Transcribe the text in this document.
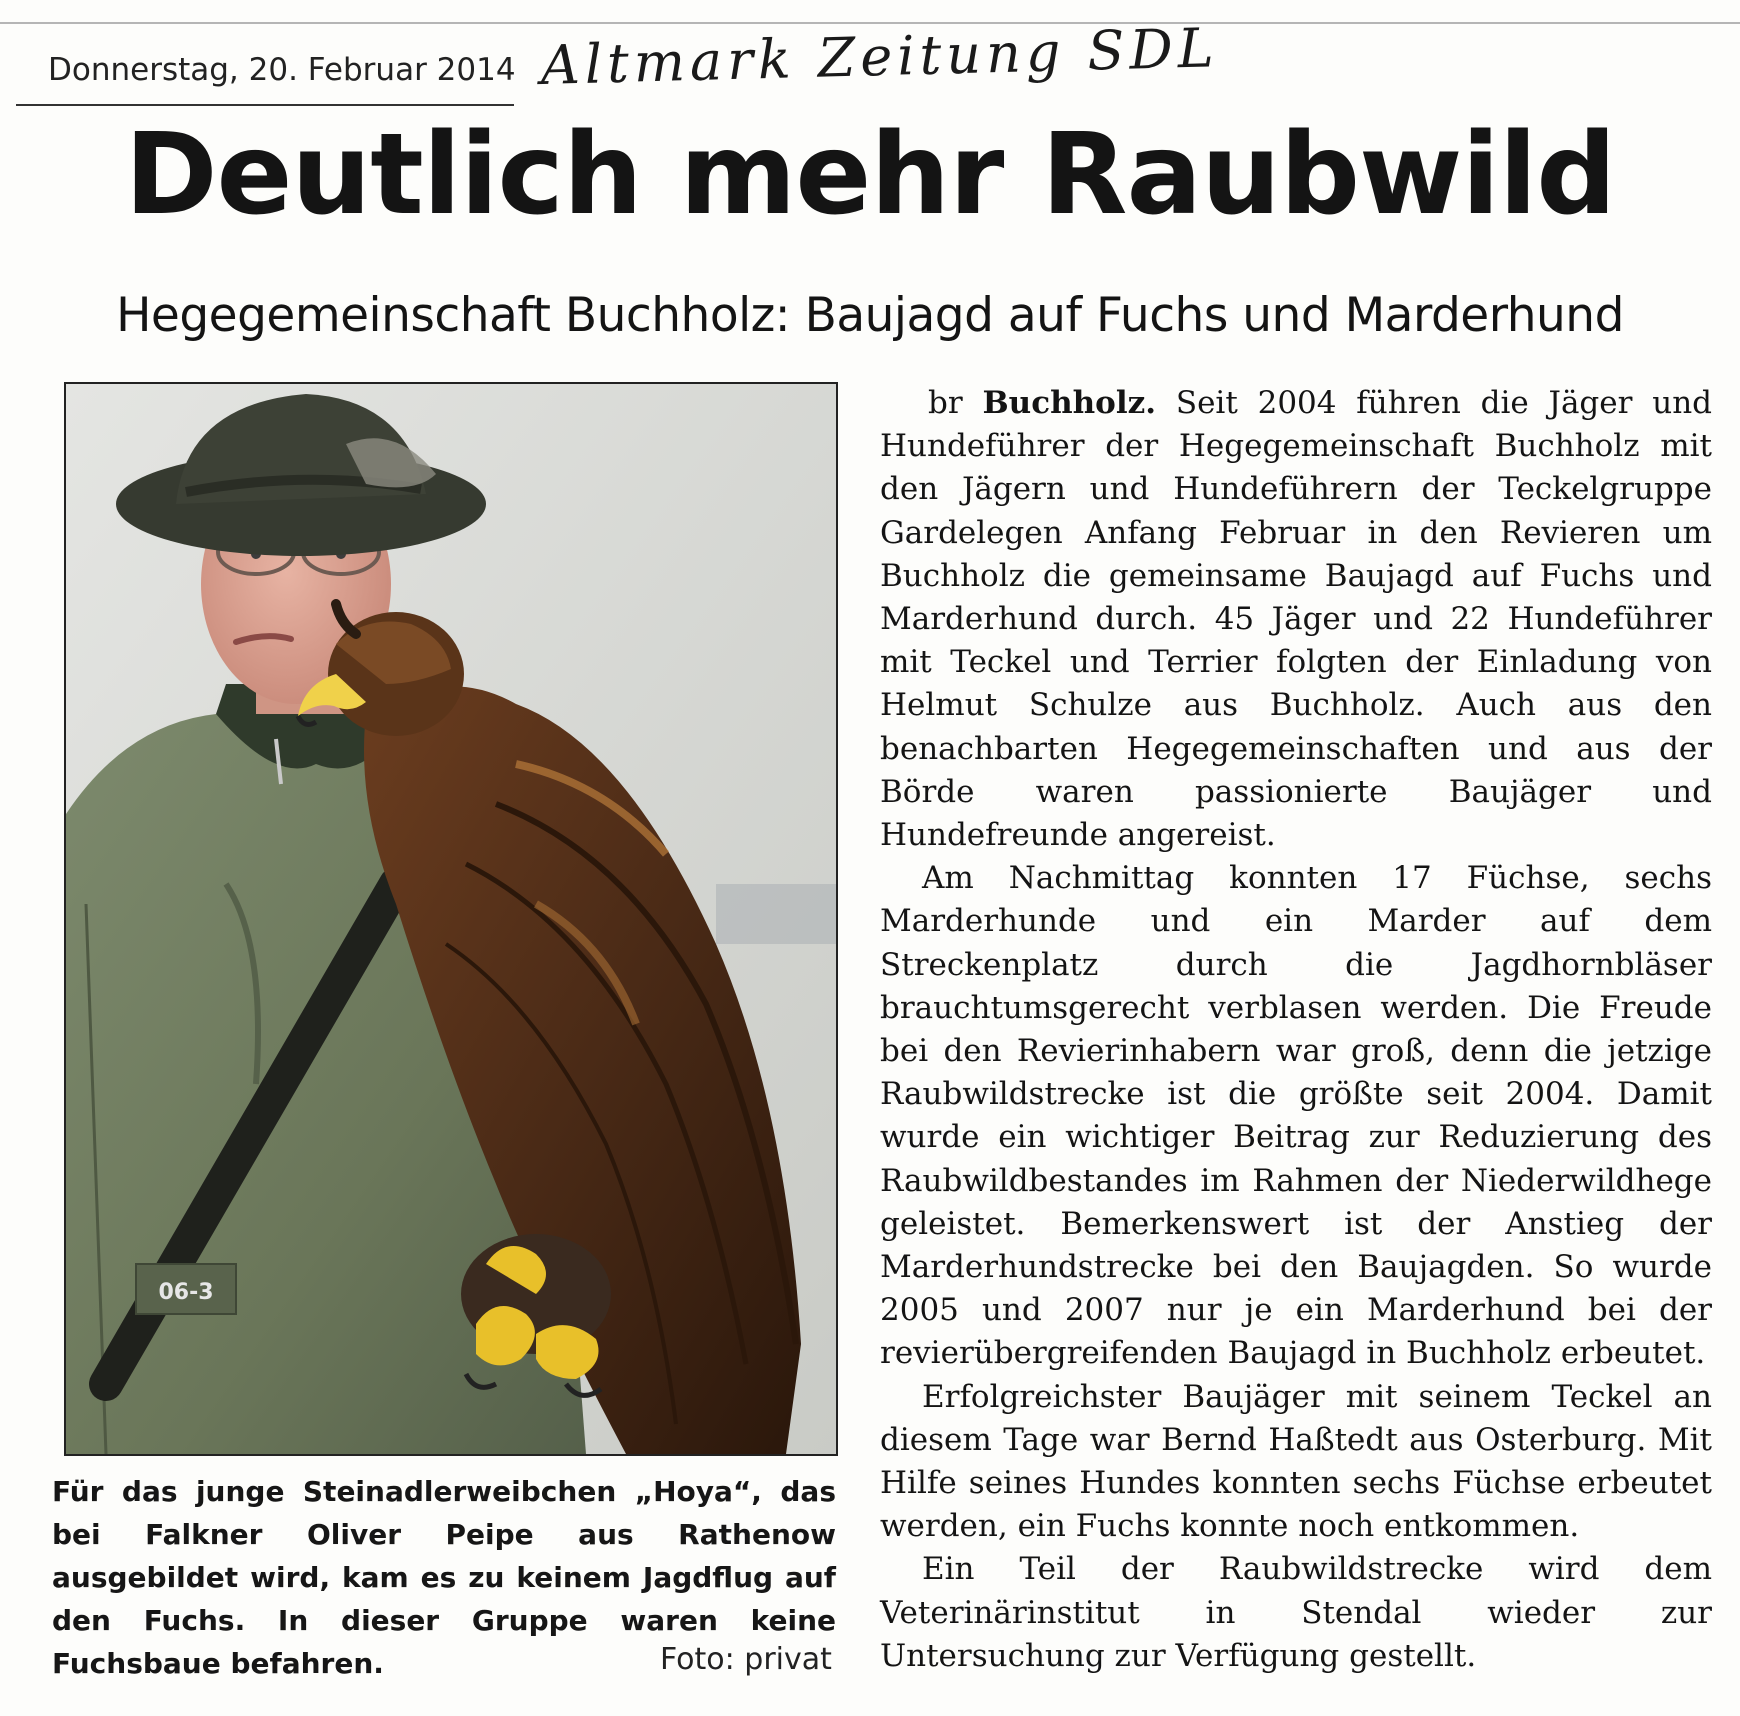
Donnerstag, 20. Februar 2014 Altmark Zeitung SDL
Deutlich mehr Raubwild
Hegegemeinschaft Buchholz: Baujagd auf Fuchs und Marderhund
06-3
Für das junge Steinadlerweibchen „Hoya“, das bei Falkner Oliver Peipe aus Rathenow ausgebildet wird, kam es zu keinem Jagdflug auf den Fuchs. In dieser Gruppe waren keine Fuchsbaue befahren.	Foto: privat

br Buchholz. Seit 2004 führen die Jäger und Hundeführer der Hegegemeinschaft Buchholz mit den Jägern und Hundeführern der Teckelgruppe Gardelegen Anfang Februar in den Revieren um Buchholz die gemeinsame Baujagd auf Fuchs und Marderhund durch. 45 Jäger und 22 Hundeführer mit Teckel und Terrier folgten der Einladung von Helmut Schulze aus Buchholz. Auch aus den benachbarten Hegegemeinschaften und aus der Börde waren passionierte Baujäger und Hundefreunde angereist.

Am Nachmittag konnten 17 Füchse, sechs Marderhunde und ein Marder auf dem Streckenplatz durch die Jagdhornbläser brauchtumsgerecht verblasen werden. Die Freude bei den Revierinhabern war groß, denn die jetzige Raubwildstrecke ist die größte seit 2004. Damit wurde ein wichtiger Beitrag zur Reduzierung des Raubwildbestandes im Rahmen der Niederwildhege geleistet. Bemerkenswert ist der Anstieg der Marderhundstrecke bei den Baujagden. So wurde 2005 und 2007 nur je ein Marderhund bei der revierübergreifenden Baujagd in Buchholz erbeutet.

Erfolgreichster Baujäger mit seinem Teckel an diesem Tage war Bernd Haßtedt aus Osterburg. Mit Hilfe seines Hundes konnten sechs Füchse erbeutet werden, ein Fuchs konnte noch entkommen.

Ein Teil der Raubwildstrecke wird dem Veterinärinstitut in Stendal wieder zur Untersuchung zur Verfügung gestellt.
